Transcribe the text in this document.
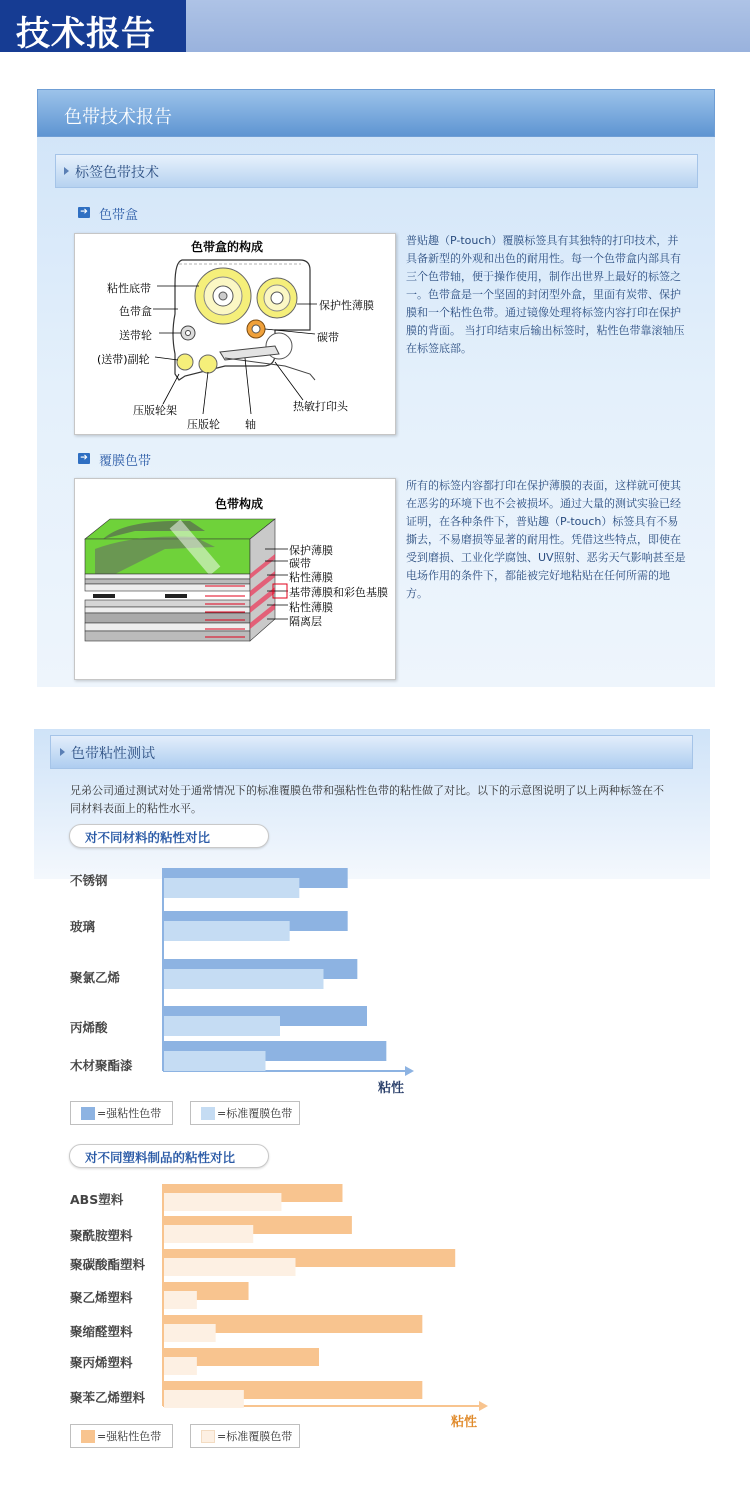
技术报告
色带技术报告
标签色带技术
➔ 色带盒
色带盒的构成
粘性底带
色带盒
送带轮
(送带)副轮
压版轮架
压版轮 轴
热敏打印头
碳带
保护性薄膜
普贴趣（P-touch）覆膜标签具有其独特的打印技术，并具备新型的外观和出色的耐用性。每一个色带盒内部具有三个色带轴，便于操作使用，制作出世界上最好的标签之一。色带盒是一个坚固的封闭型外盒，里面有炭带、保护膜和一个粘性色带。通过镜像处理将标签内容打印在保护膜的背面。 当打印结束后输出标签时，粘性色带靠滚轴压在标签底部。
➔ 覆膜色带
色带构成
保护薄膜
碳带
粘性薄膜
基带薄膜和彩色基膜
粘性薄膜
隔离层
所有的标签内容都打印在保护薄膜的表面，这样就可使其在恶劣的环境下也不会被损坏。通过大量的测试实验已经证明，在各种条件下，普贴趣（P-touch）标签具有不易撕去，不易磨损等显著的耐用性。凭借这些特点，即使在受到磨损、工业化学腐蚀、UV照射、恶劣天气影响甚至是电场作用的条件下，都能被完好地粘贴在任何所需的地方。
色带粘性测试
兄弟公司通过测试对处于通常情况下的标准覆膜色带和强粘性色带的粘性做了对比。以下的示意图说明了以上两种标签在不同材料表面上的粘性水平。
对不同材料的粘性对比
不锈钢
玻璃
聚氯乙烯
丙烯酸
木材聚酯漆
粘性
=强粘性色带	=标准覆膜色带
对不同塑料制品的粘性对比
ABS塑料
聚酰胺塑料
聚碳酸酯塑料
聚乙烯塑料
聚缩醛塑料
聚丙烯塑料
聚苯乙烯塑料
粘性
=强粘性色带	=标准覆膜色带
